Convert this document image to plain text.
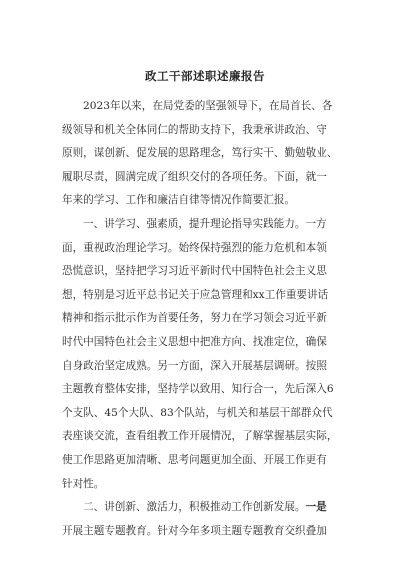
政工干部述职述廉报告
2023年以来，在局党委的坚强领导下，在局首长、各
级领导和机关全体同仁的帮助支持下，我秉承讲政治、守
原则，谋创新、促发展的思路理念，笃行实干、勤勉敬业、
履职尽责，圆满完成了组织交付的各项任务。下面，就一
年来的学习、工作和廉洁自律等情况作简要汇报。
一、讲学习、强素质，提升理论指导实践能力。一方
面，重视政治理论学习。始终保持强烈的能力危机和本领
恐慌意识，坚持把学习习近平新时代中国特色社会主义思
想，特别是习近平总书记关于应急管理和xx工作重要讲话
精神和指示批示作为首要任务，努力在学习领会习近平新
时代中国特色社会主义思想中把准方向、找准定位，确保
自身政治坚定成熟。另一方面，深入开展基层调研。按照
主题教育整体安排，坚持学以致用、知行合一，先后深入6
个支队、45个大队、83个队站，与机关和基层干部群众代
表座谈交流，查看组教工作开展情况，了解掌握基层实际，
使工作思路更加清晰、思考问题更加全面、开展工作更有
针对性。
二、讲创新、激活力，积极推动工作创新发展。一是
开展主题专题教育。针对今年多项主题专题教育交织叠加
